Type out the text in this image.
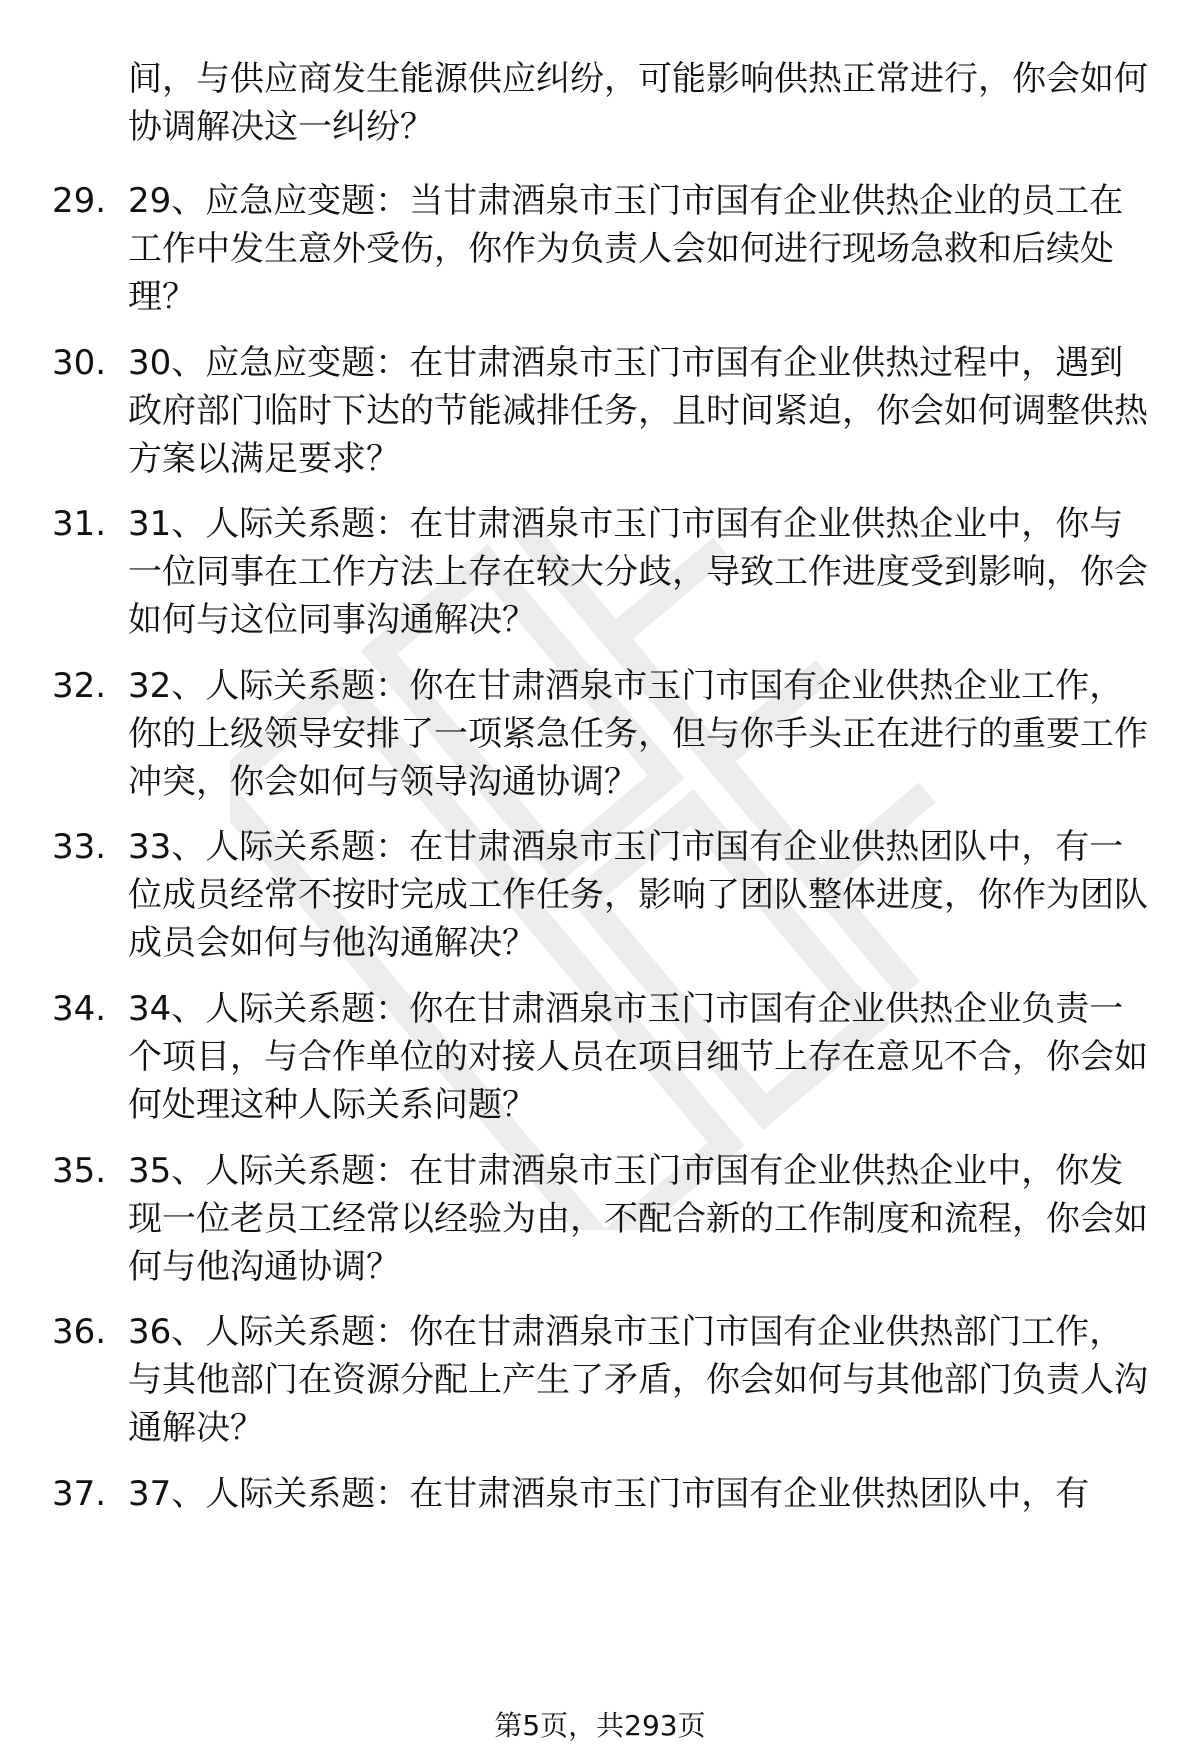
间，与供应商发生能源供应纠纷，可能影响供热正常进行，你会如何协调解决这一纠纷？
29. 29、应急应变题：当甘肃酒泉市玉门市国有企业供热企业的员工在工作中发生意外受伤，你作为负责人会如何进行现场急救和后续处理？
30. 30、应急应变题：在甘肃酒泉市玉门市国有企业供热过程中，遇到政府部门临时下达的节能减排任务，且时间紧迫，你会如何调整供热方案以满足要求？
31. 31、人际关系题：在甘肃酒泉市玉门市国有企业供热企业中，你与一位同事在工作方法上存在较大分歧，导致工作进度受到影响，你会如何与这位同事沟通解决？
32. 32、人际关系题：你在甘肃酒泉市玉门市国有企业供热企业工作，你的上级领导安排了一项紧急任务，但与你手头正在进行的重要工作冲突，你会如何与领导沟通协调？
33. 33、人际关系题：在甘肃酒泉市玉门市国有企业供热团队中，有一位成员经常不按时完成工作任务，影响了团队整体进度，你作为团队成员会如何与他沟通解决？
34. 34、人际关系题：你在甘肃酒泉市玉门市国有企业供热企业负责一个项目，与合作单位的对接人员在项目细节上存在意见不合，你会如何处理这种人际关系问题？
35. 35、人际关系题：在甘肃酒泉市玉门市国有企业供热企业中，你发现一位老员工经常以经验为由，不配合新的工作制度和流程，你会如何与他沟通协调？
36. 36、人际关系题：你在甘肃酒泉市玉门市国有企业供热部门工作，与其他部门在资源分配上产生了矛盾，你会如何与其他部门负责人沟通解决？
37. 37、人际关系题：在甘肃酒泉市玉门市国有企业供热团队中，有
第5页，共293页
